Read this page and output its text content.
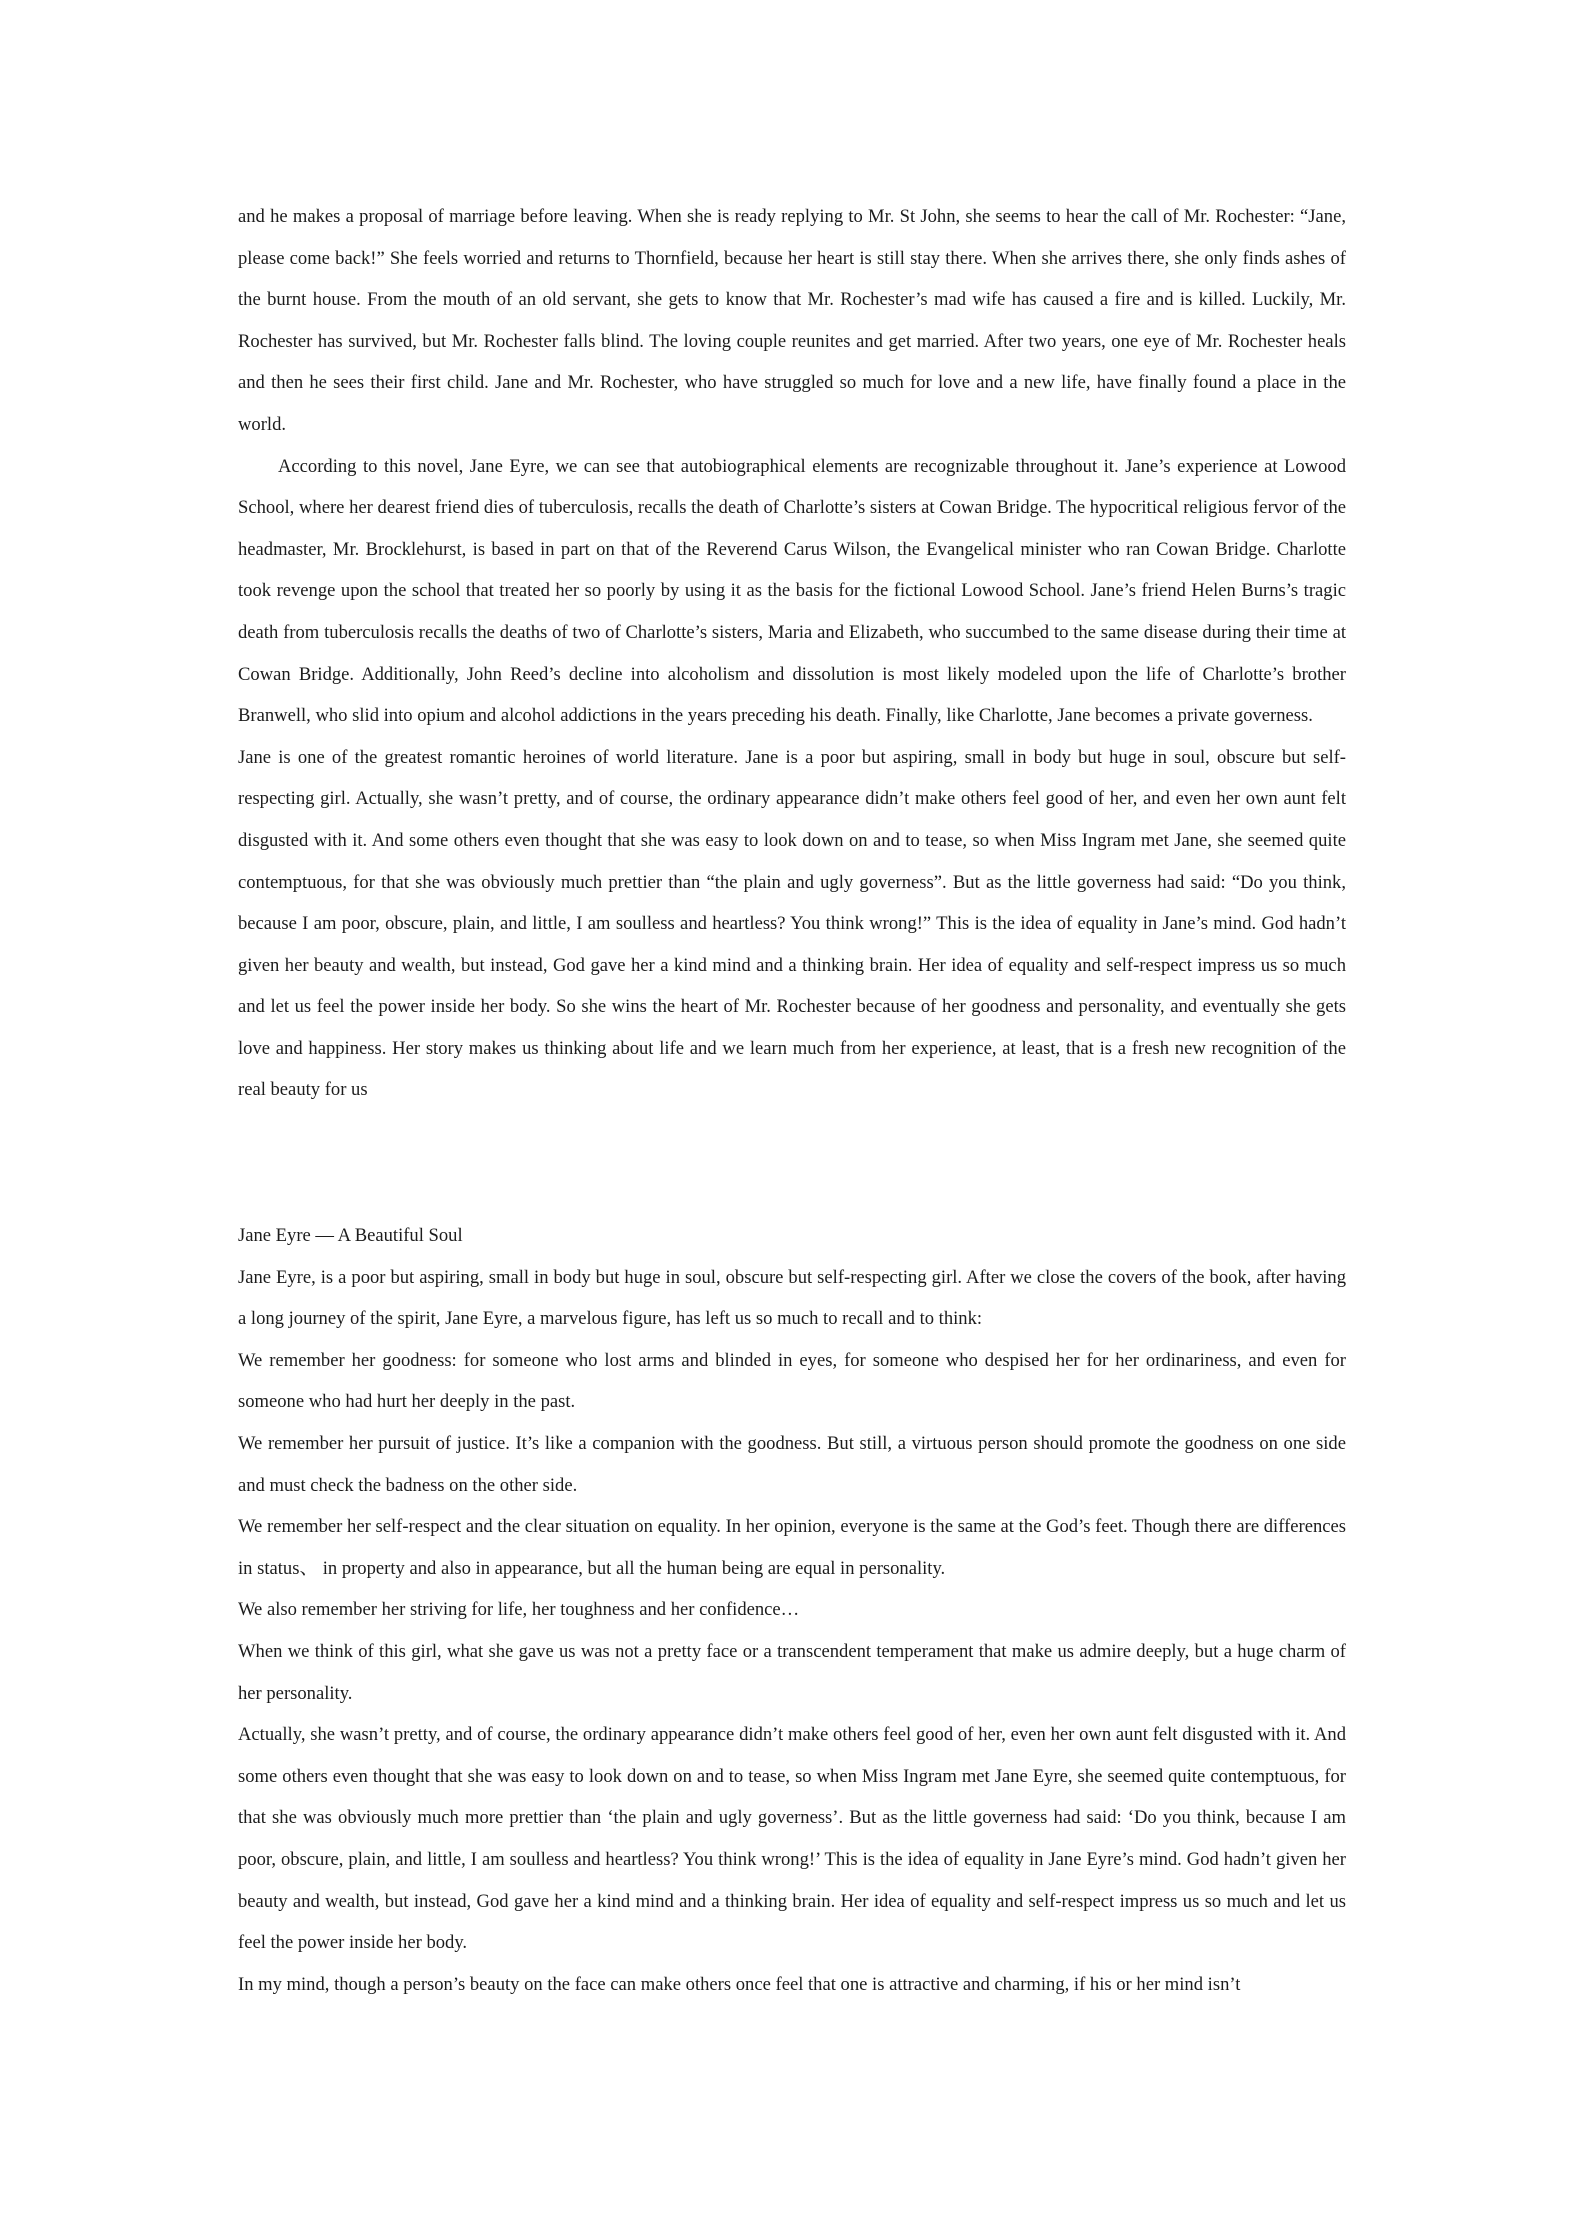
and he makes a proposal of marriage before leaving. When she is ready replying to Mr. St John, she seems to hear the call of Mr. Rochester: “Jane, please come back!” She feels worried and returns to Thornfield, because her heart is still stay there. When she arrives there, she only finds ashes of the burnt house. From the mouth of an old servant, she gets to know that Mr. Rochester’s mad wife has caused a fire and is killed. Luckily, Mr. Rochester has survived, but Mr. Rochester falls blind. The loving couple reunites and get married. After two years, one eye of Mr. Rochester heals and then he sees their first child. Jane and Mr. Rochester, who have struggled so much for love and a new life, have finally found a place in the world.

According to this novel, Jane Eyre, we can see that autobiographical elements are recognizable throughout it. Jane’s experience at Lowood School, where her dearest friend dies of tuberculosis, recalls the death of Charlotte’s sisters at Cowan Bridge. The hypocritical religious fervor of the headmaster, Mr. Brocklehurst, is based in part on that of the Reverend Carus Wilson, the Evangelical minister who ran Cowan Bridge. Charlotte took revenge upon the school that treated her so poorly by using it as the basis for the fictional Lowood School. Jane’s friend Helen Burns’s tragic death from tuberculosis recalls the deaths of two of Charlotte’s sisters, Maria and Elizabeth, who succumbed to the same disease during their time at Cowan Bridge. Additionally, John Reed’s decline into alcoholism and dissolution is most likely modeled upon the life of Charlotte’s brother Branwell, who slid into opium and alcohol addictions in the years preceding his death. Finally, like Charlotte, Jane becomes a private governess.

Jane is one of the greatest romantic heroines of world literature. Jane is a poor but aspiring, small in body but huge in soul, obscure but self-respecting girl. Actually, she wasn’t pretty, and of course, the ordinary appearance didn’t make others feel good of her, and even her own aunt felt disgusted with it. And some others even thought that she was easy to look down on and to tease, so when Miss Ingram met Jane, she seemed quite contemptuous, for that she was obviously much prettier than “the plain and ugly governess”. But as the little governess had said: “Do you think, because I am poor, obscure, plain, and little, I am soulless and heartless? You think wrong!” This is the idea of equality in Jane’s mind. God hadn’t given her beauty and wealth, but instead, God gave her a kind mind and a thinking brain. Her idea of equality and self-respect impress us so much and let us feel the power inside her body. So she wins the heart of Mr. Rochester because of her goodness and personality, and eventually she gets love and happiness. Her story makes us thinking about life and we learn much from her experience, at least, that is a fresh new recognition of the real beauty for us

Jane Eyre — A Beautiful Soul

Jane Eyre, is a poor but aspiring, small in body but huge in soul, obscure but self-respecting girl. After we close the covers of the book, after having a long journey of the spirit, Jane Eyre, a marvelous figure, has left us so much to recall and to think:

We remember her goodness: for someone who lost arms and blinded in eyes, for someone who despised her for her ordinariness, and even for someone who had hurt her deeply in the past.

We remember her pursuit of justice. It’s like a companion with the goodness. But still, a virtuous person should promote the goodness on one side and must check the badness on the other side.

We remember her self-respect and the clear situation on equality. In her opinion, everyone is the same at the God’s feet. Though there are differences in status、 in property and also in appearance, but all the human being are equal in personality.

We also remember her striving for life, her toughness and her confidence…

When we think of this girl, what she gave us was not a pretty face or a transcendent temperament that make us admire deeply, but a huge charm of her personality.

Actually, she wasn’t pretty, and of course, the ordinary appearance didn’t make others feel good of her, even her own aunt felt disgusted with it. And some others even thought that she was easy to look down on and to tease, so when Miss Ingram met Jane Eyre, she seemed quite contemptuous, for that she was obviously much more prettier than ‘the plain and ugly governess’. But as the little governess had said: ‘Do you think, because I am poor, obscure, plain, and little, I am soulless and heartless? You think wrong!’ This is the idea of equality in Jane Eyre’s mind. God hadn’t given her beauty and wealth, but instead, God gave her a kind mind and a thinking brain. Her idea of equality and self-respect impress us so much and let us feel the power inside her body.

In my mind, though a person’s beauty on the face can make others once feel that one is attractive and charming, if his or her mind isn’t
